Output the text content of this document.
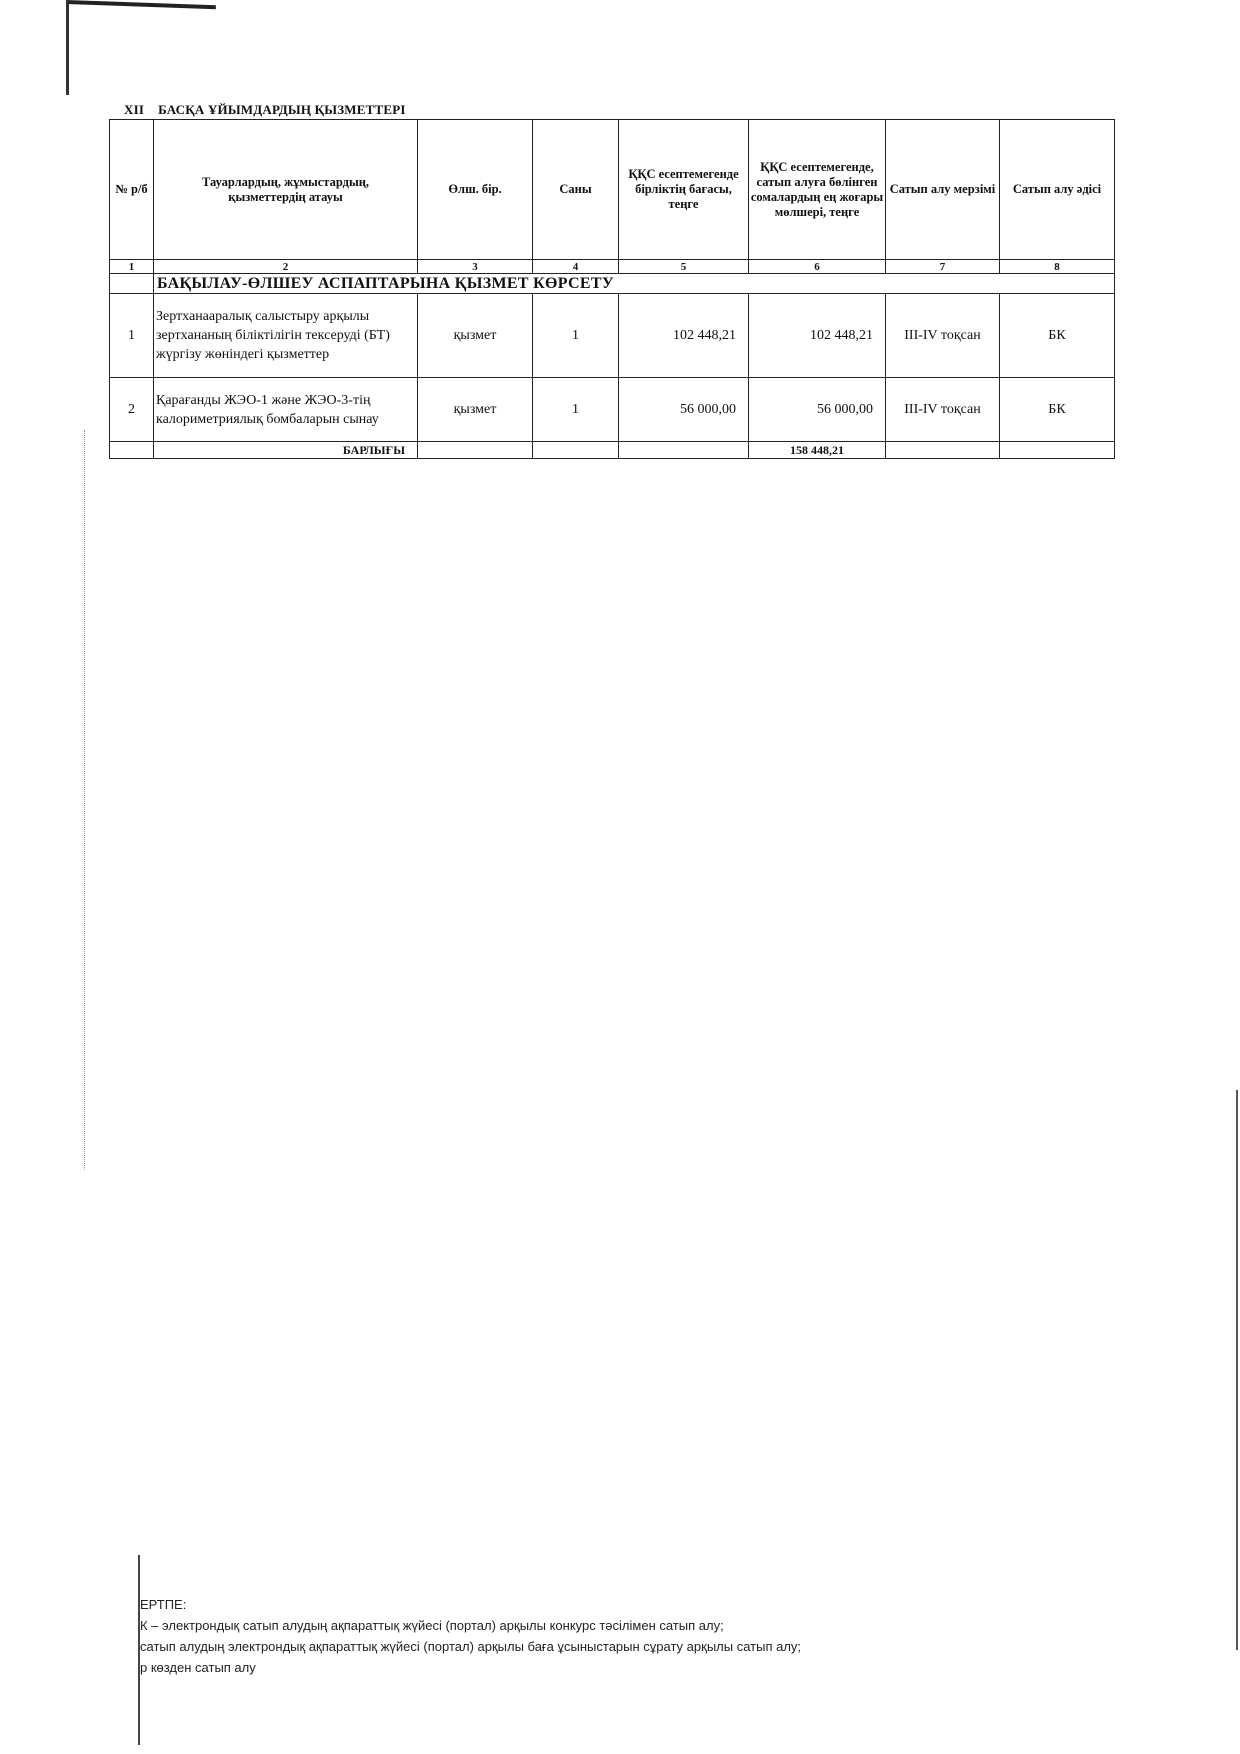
XII БАСҚА ҰЙЫМДАРДЫҢ ҚЫЗМЕТТЕРІ
№ р/б	Тауарлардың, жұмыстардың, қызметтердің атауы	Өлш. бір.	Саны	ҚҚС есептемегенде бірліктің бағасы, теңге	ҚҚС есептемегенде, сатып алуға бөлінген сомалардың ең жоғары мөлшері, теңге	Сатып алу мерзімі	Сатып алу әдісі
1	2	3	4	5	6	7	8
	БАҚЫЛАУ-ӨЛШЕУ АСПАПТАРЫНА ҚЫЗМЕТ КӨРСЕТУ						
1	Зертханааралық салыстыру арқылы зертхананың біліктілігін тексеруді (БТ) жүргізу жөніндегі қызметтер	қызмет	1	102 448,21	102 448,21	III-IV тоқсан	БК
2	Қарағанды ЖЭО-1 және ЖЭО-3-тің калориметриялық бомбаларын сынау	қызмет	1	56 000,00	56 000,00	III-IV тоқсан	БК
	БАРЛЫҒЫ				158 448,21		
ЕРТПЕ:
К – электрондық сатып алудың ақпараттық жүйесі (портал) арқылы конкурс тәсілімен сатып алу;
сатып алудың электрондық ақпараттық жүйесі (портал) арқылы баға ұсыныстарын сұрату арқылы сатып алу;
р көзден сатып алу
